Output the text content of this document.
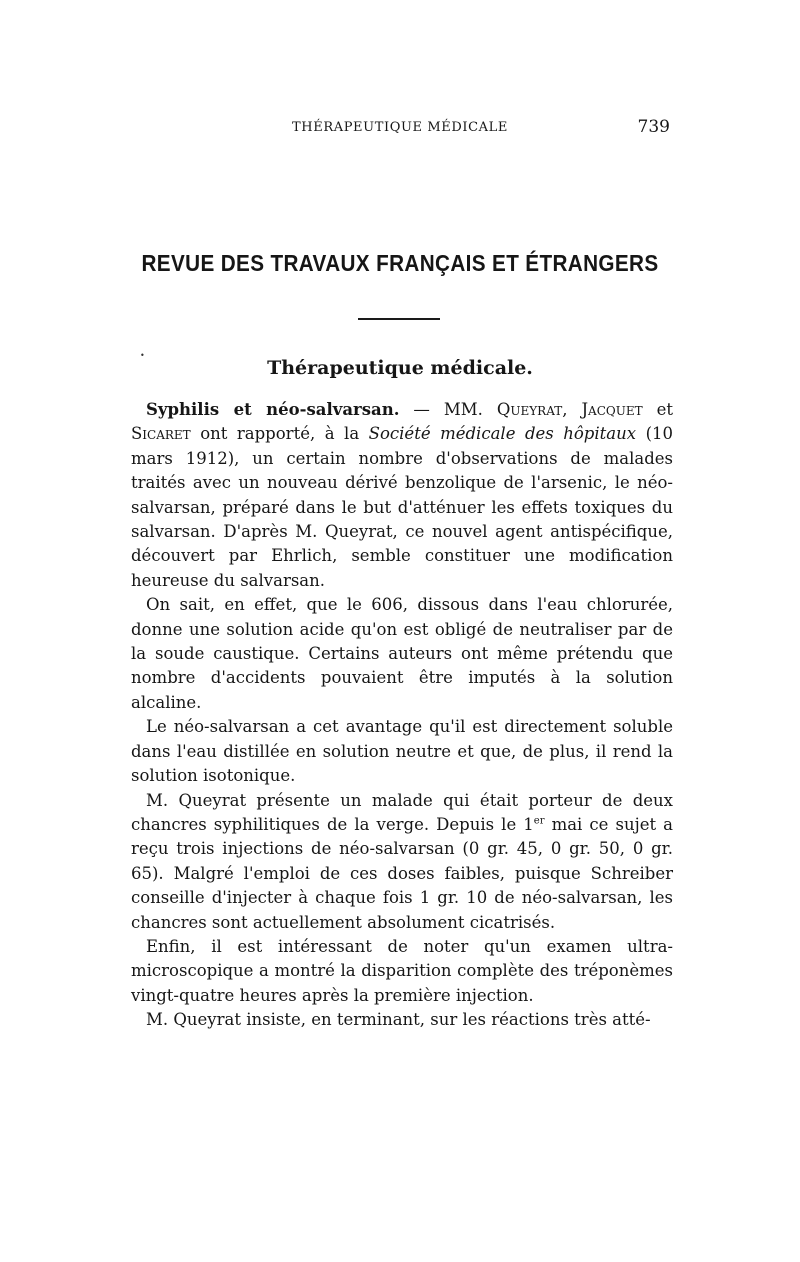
THÉRAPEUTIQUE MÉDICALE	739
REVUE DES TRAVAUX FRANÇAIS ET ÉTRANGERS
•
Thérapeutique médicale.

Syphilis et néo-salvarsan. — MM. Queyrat, Jacquet et Sicaret ont rapporté, à la Société médicale des hôpitaux (10 mars 1912), un certain nombre d'observations de malades traités avec un nouveau dérivé benzolique de l'arsenic, le néo-salvarsan, préparé dans le but d'atténuer les effets toxiques du salvarsan. D'après M. Queyrat, ce nouvel agent antispécifique, découvert par Ehrlich, semble constituer une modification heureuse du salvarsan.

On sait, en effet, que le 606, dissous dans l'eau chlorurée, donne une solution acide qu'on est obligé de neutraliser par de la soude caustique. Certains auteurs ont même prétendu que nombre d'accidents pouvaient être imputés à la solution alcaline.

Le néo-salvarsan a cet avantage qu'il est directement soluble dans l'eau distillée en solution neutre et que, de plus, il rend la solution isotonique.

M. Queyrat présente un malade qui était porteur de deux chancres syphilitiques de la verge. Depuis le 1er mai ce sujet a reçu trois injections de néo-salvarsan (0 gr. 45, 0 gr. 50, 0 gr. 65). Malgré l'emploi de ces doses faibles, puisque Schreiber conseille d'injecter à chaque fois 1 gr. 10 de néo-salvarsan, les chancres sont actuellement absolument cicatrisés.

Enfin, il est intéressant de noter qu'un examen ultra-microscopique a montré la disparition complète des tréponèmes vingt-quatre heures après la première injection.

M. Queyrat insiste, en terminant, sur les réactions très atté-
